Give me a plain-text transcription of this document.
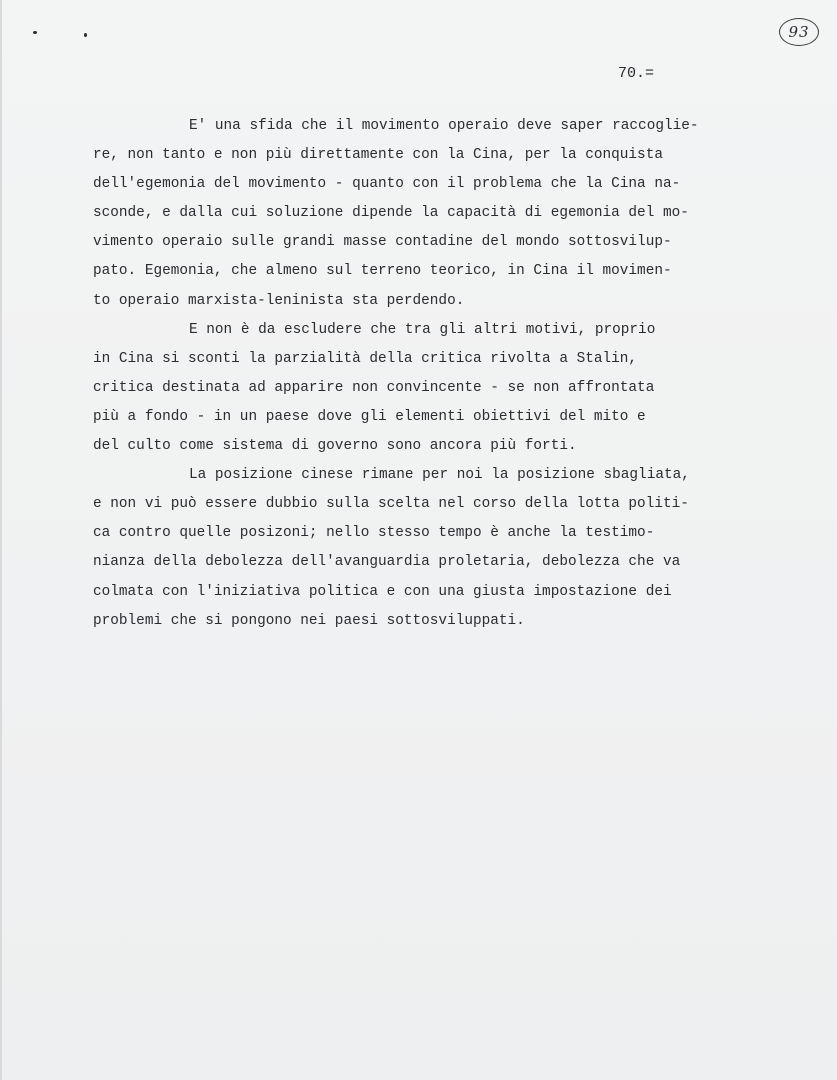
93
70.=
E' una sfida che il movimento operaio deve saper raccoglie-
re, non tanto e non più direttamente con la Cina, per la conquista
dell'egemonia del movimento - quanto con il problema che la Cina na-
sconde, e dalla cui soluzione dipende la capacità di egemonia del mo-
vimento operaio sulle grandi masse contadine del mondo sottosvilup-
pato. Egemonia, che almeno sul terreno teorico, in Cina il movimen-
to operaio marxista-leninista sta perdendo.
E non è da escludere che tra gli altri motivi, proprio
in Cina si sconti la parzialità della critica rivolta a Stalin,
critica destinata ad apparire non convincente - se non affrontata
più a fondo - in un paese dove gli elementi obiettivi del mito e
del culto come sistema di governo sono ancora più forti.
La posizione cinese rimane per noi la posizione sbagliata,
e non vi può essere dubbio sulla scelta nel corso della lotta politi-
ca contro quelle posizoni; nello stesso tempo è anche la testimo-
nianza della debolezza dell'avanguardia proletaria, debolezza che va
colmata con l'iniziativa politica e con una giusta impostazione dei
problemi che si pongono nei paesi sottosviluppati.
